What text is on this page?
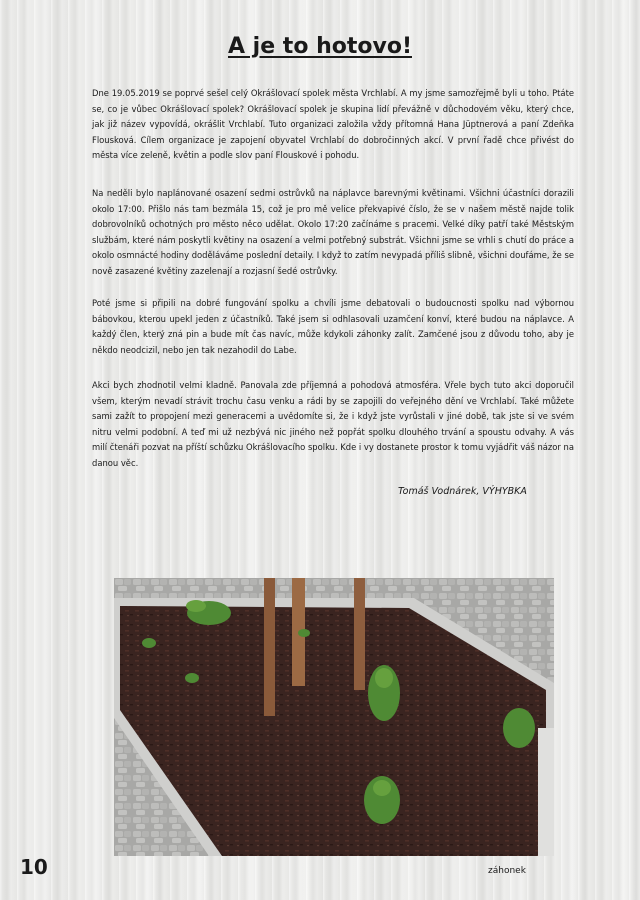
A je to hotovo!

Dne 19.05.2019 se poprvé sešel celý Okrášlovací spolek města Vrchlabí. A my jsme samozřejmě byli u toho. Ptáte se, co je vůbec Okrášlovací spolek? Okrášlovací spolek je skupina lidí převážně v důchodovém věku, který chce, jak již název vypovídá, okrášlit Vrchlabí. Tuto organizaci založila vždy přítomná Hana Jüptnerová a paní Zdeňka Flousková. Cílem organizace je zapojení obyvatel Vrchlabí do dobročinných akcí. V první řadě chce přivést do města více zeleně, květin a podle slov paní Flouskové i pohodu.

Na neděli bylo naplánované osazení sedmi ostrůvků na náplavce barevnými květinami. Všichni účastníci dorazili okolo 17:00. Přišlo nás tam bezmála 15, což je pro mě velice překvapivé číslo, že se v našem městě najde tolik dobrovolníků ochotných pro město něco udělat. Okolo 17:20 začínáme s pracemi. Velké díky patří také Městským službám, které nám poskytli květiny na osazení a velmi potřebný substrát. Všichni jsme se vrhli s chutí do práce a okolo osmnácté hodiny doděláváme poslední detaily. I když to zatím nevypadá příliš slibně, všichni doufáme, že se nově zasazené květiny zazelenají a rozjasní šedé ostrůvky.

Poté jsme si připili na dobré fungování spolku a chvíli jsme debatovali o budoucnosti spolku nad výbornou bábovkou, kterou upekl jeden z účastníků. Také jsem si odhlasovali uzamčení konví, které budou na náplavce. A každý člen, který zná pin a bude mít čas navíc, může kdykoli záhonky zalít. Zamčené jsou z důvodu toho, aby je někdo neodcizil, nebo jen tak nezahodil do Labe.

Akci bych zhodnotil velmi kladně. Panovala zde příjemná a pohodová atmosféra. Vřele bych tuto akci doporučil všem, kterým nevadí strávit trochu času venku a rádi by se zapojili do veřejného dění ve Vrchlabí. Také můžete sami zažít to propojení mezi generacemi a uvědomíte si, že i když jste vyrůstali v jiné době, tak jste si ve svém nitru velmi podobní. A teď mi už nezbývá nic jiného než popřát spolku dlouhého trvání a spoustu odvahy. A vás milí čtenáři pozvat na příští schůzku Okrášlovacího spolku. Kde i vy dostanete prostor k tomu vyjádřit váš názor na danou věc.

Tomáš Vodnárek, VÝHYBKA
10	záhonek
